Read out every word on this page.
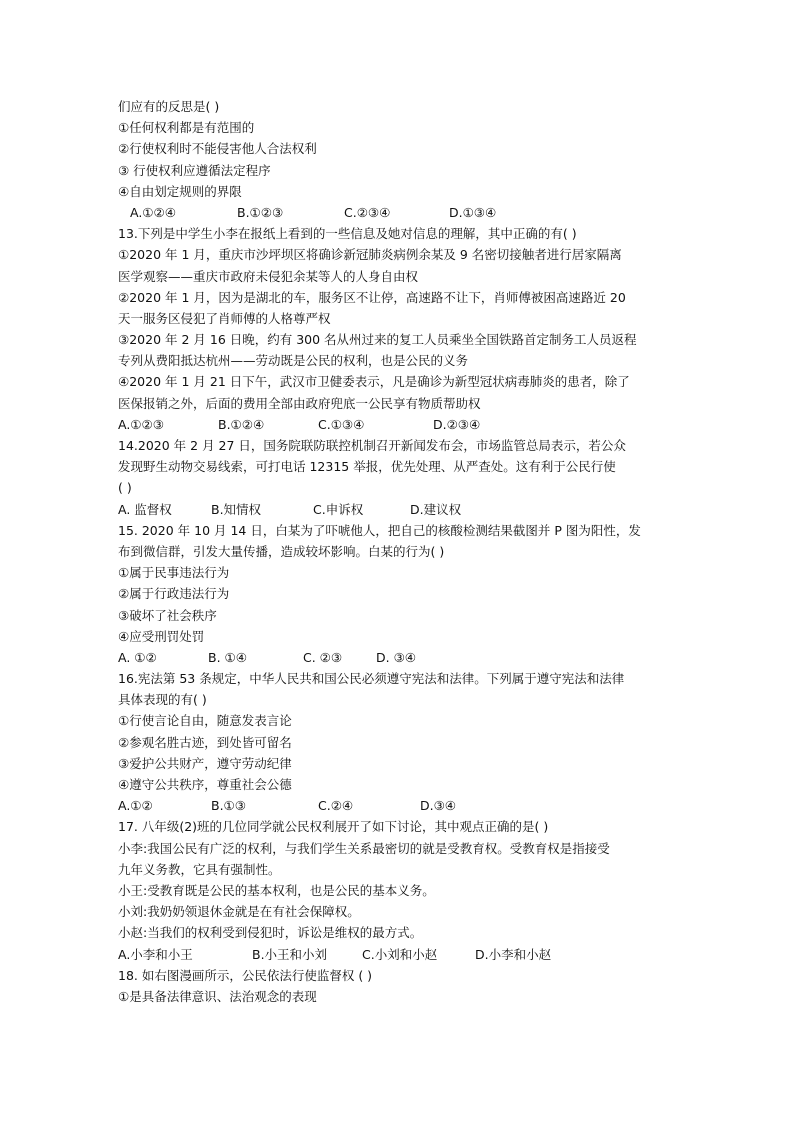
们应有的反思是( )
①任何权利都是有范围的
②行使权利时不能侵害他人合法权利
③ 行使权利应遵循法定程序
④自由划定规则的界限
A.①②④	B.①②③	C.②③④	D.①③④
13.下列是中学生小李在报纸上看到的一些信息及她对信息的理解，其中正确的有( )
①2020 年 1 月，重庆市沙坪坝区将确诊新冠肺炎病例余某及 9 名密切接触者进行居家隔离
医学观察——重庆市政府未侵犯余某等人的人身自由权
②2020 年 1 月，因为是湖北的车，服务区不让停，高速路不让下，肖师傅被困高速路近 20
天一服务区侵犯了肖师傅的人格尊严权
③2020 年 2 月 16 日晚，约有 300 名从州过来的复工人员乘坐全国铁路首定制务工人员返程
专列从费阳抵达杭州——劳动既是公民的权利，也是公民的义务
④2020 年 1 月 21 日下午，武汉市卫健委表示，凡是确诊为新型冠状病毒肺炎的患者，除了
医保报销之外，后面的费用全部由政府兜底一公民享有物质帮助权
A.①②③	B.①②④	C.①③④	D.②③④
14.2020 年 2 月 27 日，国务院联防联控机制召开新闻发布会，市场监管总局表示，若公众
发现野生动物交易线索，可打电话 12315 举报，优先处理、从严查处。这有利于公民行使
( )
A. 监督权	B.知情权	C.申诉权	D.建议权
15. 2020 年 10 月 14 日，白某为了吓唬他人，把自己的核酸检测结果截图并 P 图为阳性，发
布到微信群，引发大量传播，造成较坏影响。白某的行为( )
①属于民事违法行为
②属于行政违法行为
③破坏了社会秩序
④应受刑罚处罚
A. ①②	B. ①④	C. ②③	D. ③④
16.宪法第 53 条规定，中华人民共和国公民必须遵守宪法和法律。下列属于遵守宪法和法律
具体表现的有( )
①行使言论自由，随意发表言论
②参观名胜古迹，到处皆可留名
③爱护公共财产，遵守劳动纪律
④遵守公共秩序，尊重社会公德
A.①②	B.①③	C.②④	D.③④
17. 八年级(2)班的几位同学就公民权利展开了如下讨论，其中观点正确的是( )
小李:我国公民有广泛的权利，与我们学生关系最密切的就是受教育权。受教育权是指接受
九年义务教，它具有强制性。
小王:受教育既是公民的基本权利，也是公民的基本义务。
小刘:我奶奶领退休金就是在有社会保障权。
小赵:当我们的权利受到侵犯时，诉讼是维权的最方式。
A.小李和小王	B.小王和小刘	C.小刘和小赵	D.小李和小赵
18. 如右图漫画所示，公民依法行使监督权 ( )
①是具备法律意识、法治观念的表现
